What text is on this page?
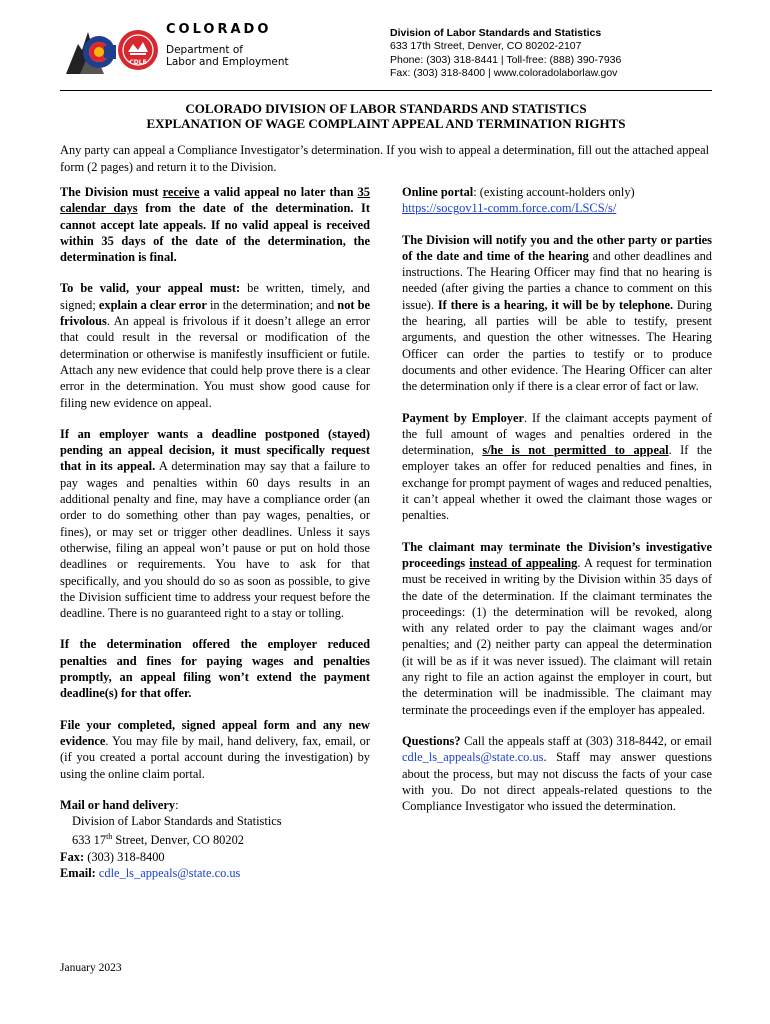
CDLE
COLORADO
Department of
Labor and Employment
Division of Labor Standards and Statistics
633 17th Street, Denver, CO 80202-2107
Phone: (303) 318-8441 | Toll-free: (888) 390-7936
Fax: (303) 318-8400 | www.coloradolaborlaw.gov
COLORADO DIVISION OF LABOR STANDARDS AND STATISTICS
EXPLANATION OF WAGE COMPLAINT APPEAL AND TERMINATION RIGHTS
Any party can appeal a Compliance Investigator’s determination. If you wish to appeal a determination, fill out the attached appeal form (2 pages) and return it to the Division.

The Division must receive a valid appeal no later than 35 calendar days from the date of the determination. It cannot accept late appeals. If no valid appeal is received within 35 days of the date of the determination, the determination is final.

To be valid, your appeal must: be written, timely, and signed; explain a clear error in the determination; and not be frivolous. An appeal is frivolous if it doesn’t allege an error that could result in the reversal or modification of the determination or otherwise is manifestly insufficient or futile. Attach any new evidence that could help prove there is a clear error in the determination. You must show good cause for filing new evidence on appeal.

If an employer wants a deadline postponed (stayed) pending an appeal decision, it must specifically request that in its appeal. A determination may say that a failure to pay wages and penalties within 60 days results in an additional penalty and fine, may have a compliance order (an order to do something other than pay wages, penalties, or fines), or may set or trigger other deadlines. Unless it says otherwise, filing an appeal won’t pause or put on hold those deadlines or requirements. You have to ask for that specifically, and you should do so as soon as possible, to give the Division sufficient time to address your request before the deadline. There is no guaranteed right to a stay or tolling.

If the determination offered the employer reduced penalties and fines for paying wages and penalties promptly, an appeal filing won’t extend the payment deadline(s) for that offer.

File your completed, signed appeal form and any new evidence. You may file by mail, hand delivery, fax, email, or (if you created a portal account during the investigation) by using the online claim portal.

Mail or hand delivery:
Division of Labor Standards and Statistics
633 17th Street, Denver, CO 80202
Fax: (303) 318-8400
Email: cdle_ls_appeals@state.co.us

Online portal: (existing account-holders only)
https://socgov11-comm.force.com/LSCS/s/

The Division will notify you and the other party or parties of the date and time of the hearing and other deadlines and instructions. The Hearing Officer may find that no hearing is needed (after giving the parties a chance to comment on this issue). If there is a hearing, it will be by telephone. During the hearing, all parties will be able to testify, present arguments, and question the other witnesses. The Hearing Officer can order the parties to testify or to produce documents and other evidence. The Hearing Officer can alter the determination only if there is a clear error of fact or law.

Payment by Employer. If the claimant accepts payment of the full amount of wages and penalties ordered in the determination, s/he is not permitted to appeal. If the employer takes an offer for reduced penalties and fines, in exchange for prompt payment of wages and reduced penalties, it can’t appeal whether it owed the claimant those wages or penalties.

The claimant may terminate the Division’s investigative proceedings instead of appealing. A request for termination must be received in writing by the Division within 35 days of the date of the determination. If the claimant terminates the proceedings: (1) the determination will be revoked, along with any related order to pay the claimant wages and/or penalties; and (2) neither party can appeal the determination (it will be as if it was never issued). The claimant will retain any right to file an action against the employer in court, but the determination will be inadmissible. The claimant may terminate the proceedings even if the employer has appealed.

Questions? Call the appeals staff at (303) 318-8442, or email cdle_ls_appeals@state.co.us. Staff may answer questions about the process, but may not discuss the facts of your case with you. Do not direct appeals-related questions to the Compliance Investigator who issued the determination.

January 2023
